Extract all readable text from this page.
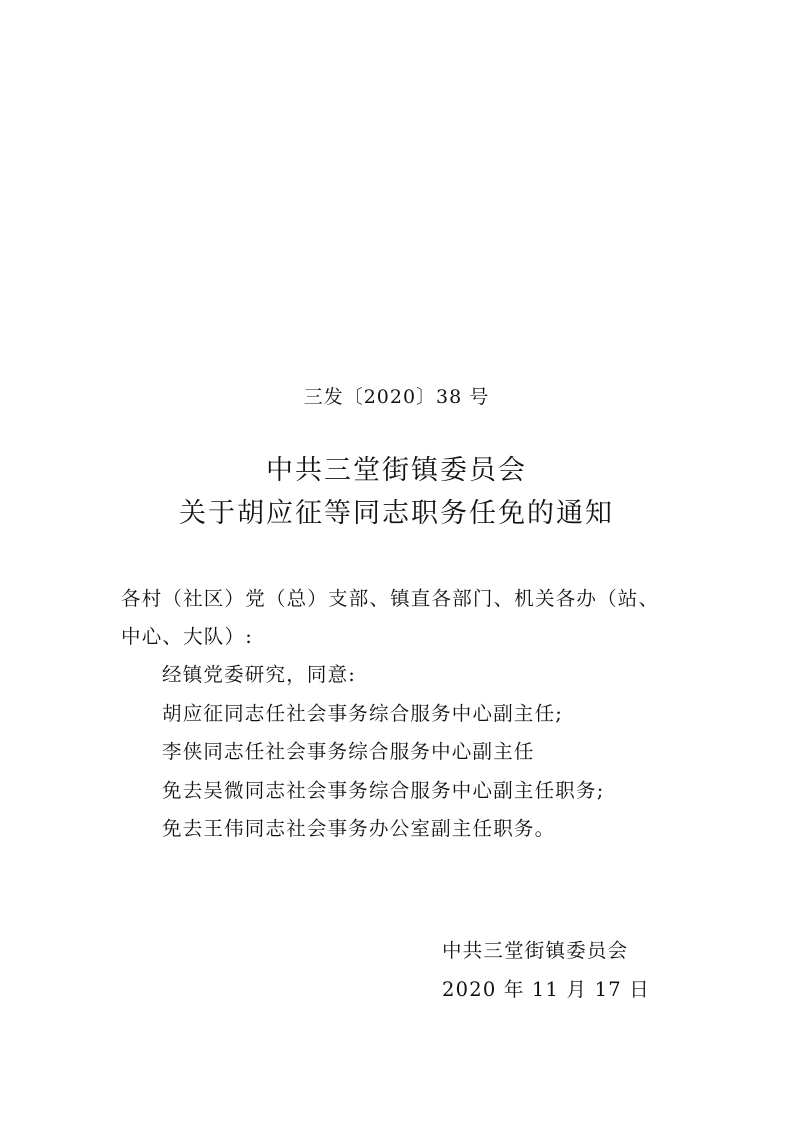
三发〔2020〕38 号
中共三堂街镇委员会
关于胡应征等同志职务任免的通知
各村（社区）党（总）支部、镇直各部门、机关各办（站、
中心、大队）:
经镇党委研究，同意:
胡应征同志任社会事务综合服务中心副主任;
李侠同志任社会事务综合服务中心副主任
免去吴微同志社会事务综合服务中心副主任职务;
免去王伟同志社会事务办公室副主任职务。
中共三堂街镇委员会
2020 年 11 月 17 日
